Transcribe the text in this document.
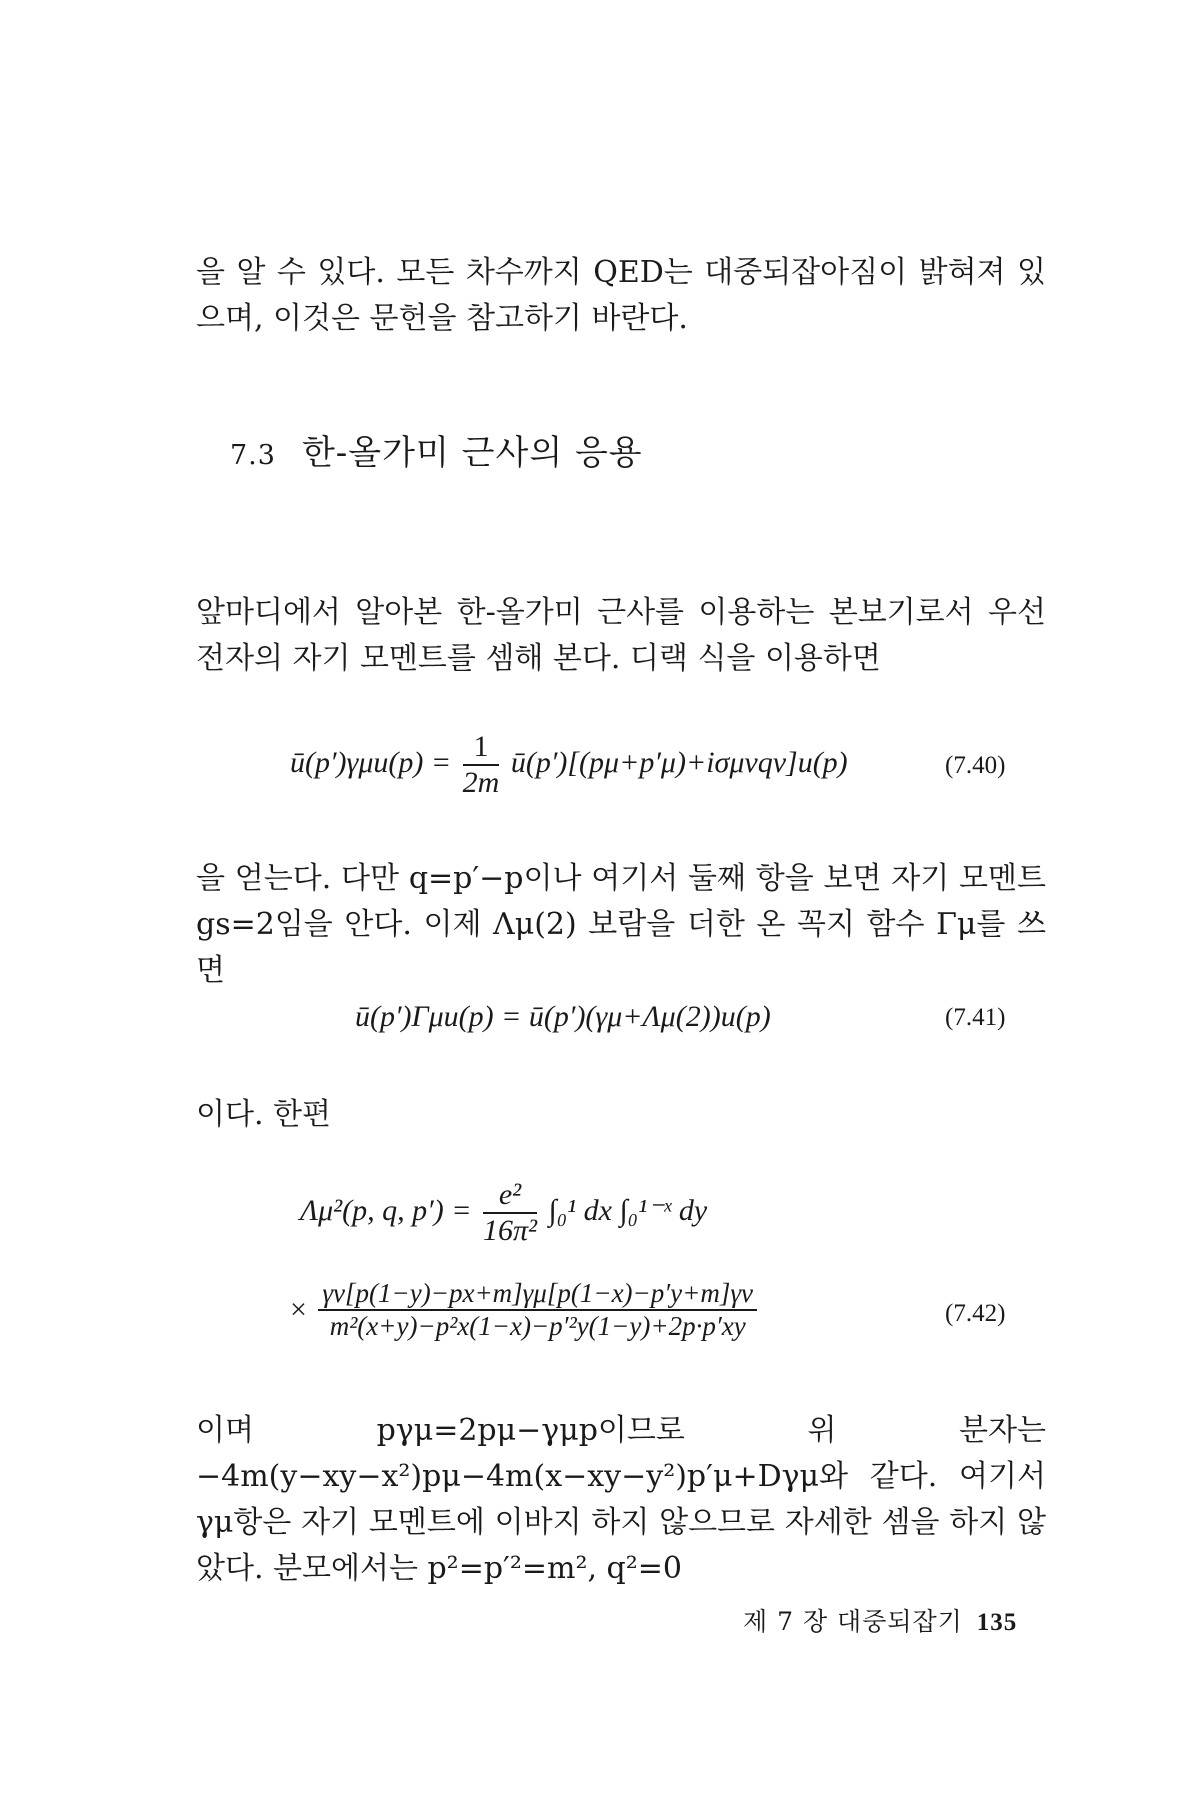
을 알 수 있다. 모든 차수까지 QED는 대중되잡아짐이 밝혀져 있으며, 이것은 문헌을 참고하기 바란다.
7.3 한-올가미 근사의 응용
앞마디에서 알아본 한-올가미 근사를 이용하는 본보기로서 우선 전자의 자기 모멘트를 셈해 본다. 디랙 식을 이용하면
ū(p′)γμu(p) = $\frac{1}{2m}$ ū(p′)[(pμ+p′μ)+iσμνqν]u(p)	(7.40)
을 얻는다. 다만 q=p′−p이나 여기서 둘째 항을 보면 자기 모멘트 gs=2임을 안다. 이제 Λμ(2) 보람을 더한 온 꼭지 함수 Γμ를 쓰면
ū(p′)Γμu(p) = ū(p′)(γμ+Λμ(2))u(p)	(7.41)
이다. 한편
Λμ²(p, q, $p') = \frac{\text{e²}}{\text{16π²}} \int_0^1$ dx ∫₀¹⁻ˣ dy
× $\frac{\gamma\nu[p(1-y)-px+m]\gamma\mu[p(1-x)-p'y+m]\gamma\nu}{\text{m²(x+y)−p²x(1−x)−p′²y(1−y)+2p·p′xy}}$	(7.42)
이며 pγμ=2pμ−γμp이므로 위 분자는 −4m(y−xy−x²)pμ−4m(x−xy−y²)p′μ+Dγμ와 같다. 여기서 γμ항은 자기 모멘트에 이바지 하지 않으므로 자세한 셈을 하지 않았다. 분모에서는 p²=p′²=m², q²=0
제 7 장 대중되잡기 135
